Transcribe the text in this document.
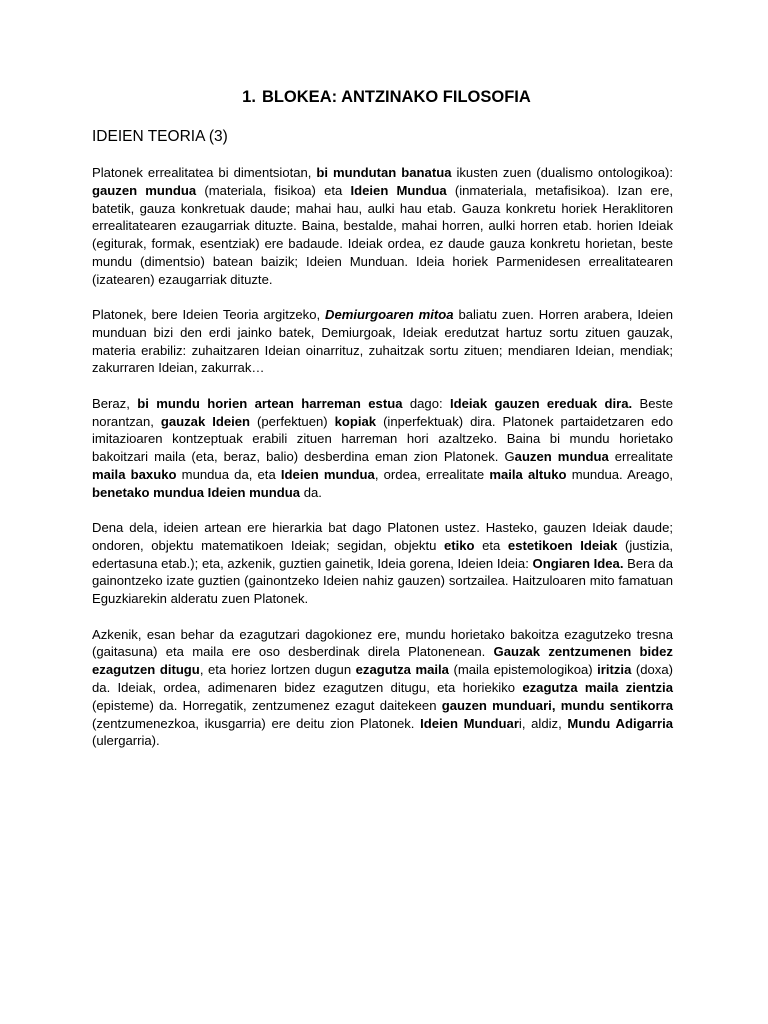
1. BLOKEA: ANTZINAKO FILOSOFIA
IDEIEN TEORIA (3)

Platonek errealitatea bi dimentsiotan, bi mundutan banatua ikusten zuen (dualismo ontologikoa): gauzen mundua (materiala, fisikoa) eta Ideien Mundua (inmateriala, metafisikoa). Izan ere, batetik, gauza konkretuak daude; mahai hau, aulki hau etab. Gauza konkretu horiek Heraklitoren errealitatearen ezaugarriak dituzte. Baina, bestalde, mahai horren, aulki horren etab. horien Ideiak (egiturak, formak, esentziak) ere badaude. Ideiak ordea, ez daude gauza konkretu horietan, beste mundu (dimentsio) batean baizik; Ideien Munduan. Ideia horiek Parmenidesen errealitatearen (izatearen) ezaugarriak dituzte.

Platonek, bere Ideien Teoria argitzeko, Demiurgoaren mitoa baliatu zuen. Horren arabera, Ideien munduan bizi den erdi jainko batek, Demiurgoak, Ideiak eredutzat hartuz sortu zituen gauzak, materia erabiliz: zuhaitzaren Ideian oinarrituz, zuhaitzak sortu zituen; mendiaren Ideian, mendiak; zakurraren Ideian, zakurrak…

Beraz, bi mundu horien artean harreman estua dago: Ideiak gauzen ereduak dira. Beste norantzan, gauzak Ideien (perfektuen) kopiak (inperfektuak) dira. Platonek partaidetzaren edo imitazioaren kontzeptuak erabili zituen harreman hori azaltzeko. Baina bi mundu horietako bakoitzari maila (eta, beraz, balio) desberdina eman zion Platonek. Gauzen mundua errealitate maila baxuko mundua da, eta Ideien mundua, ordea, errealitate maila altuko mundua. Areago, benetako mundua Ideien mundua da.

Dena dela, ideien artean ere hierarkia bat dago Platonen ustez. Hasteko, gauzen Ideiak daude; ondoren, objektu matematikoen Ideiak; segidan, objektu etiko eta estetikoen Ideiak (justizia, edertasuna etab.); eta, azkenik, guztien gainetik, Ideia gorena, Ideien Ideia: Ongiaren Idea. Bera da gainontzeko izate guztien (gainontzeko Ideien nahiz gauzen) sortzailea. Haitzuloaren mito famatuan Eguzkiarekin alderatu zuen Platonek.

Azkenik, esan behar da ezagutzari dagokionez ere, mundu horietako bakoitza ezagutzeko tresna (gaitasuna) eta maila ere oso desberdinak direla Platonenean. Gauzak zentzumenen bidez ezagutzen ditugu, eta horiez lortzen dugun ezagutza maila (maila epistemologikoa) iritzia (doxa) da. Ideiak, ordea, adimenaren bidez ezagutzen ditugu, eta horiekiko ezagutza maila zientzia (episteme) da. Horregatik, zentzumenez ezagut daitekeen gauzen munduari, mundu sentikorra (zentzumenezkoa, ikusgarria) ere deitu zion Platonek. Ideien Munduari, aldiz, Mundu Adigarria (ulergarria).
